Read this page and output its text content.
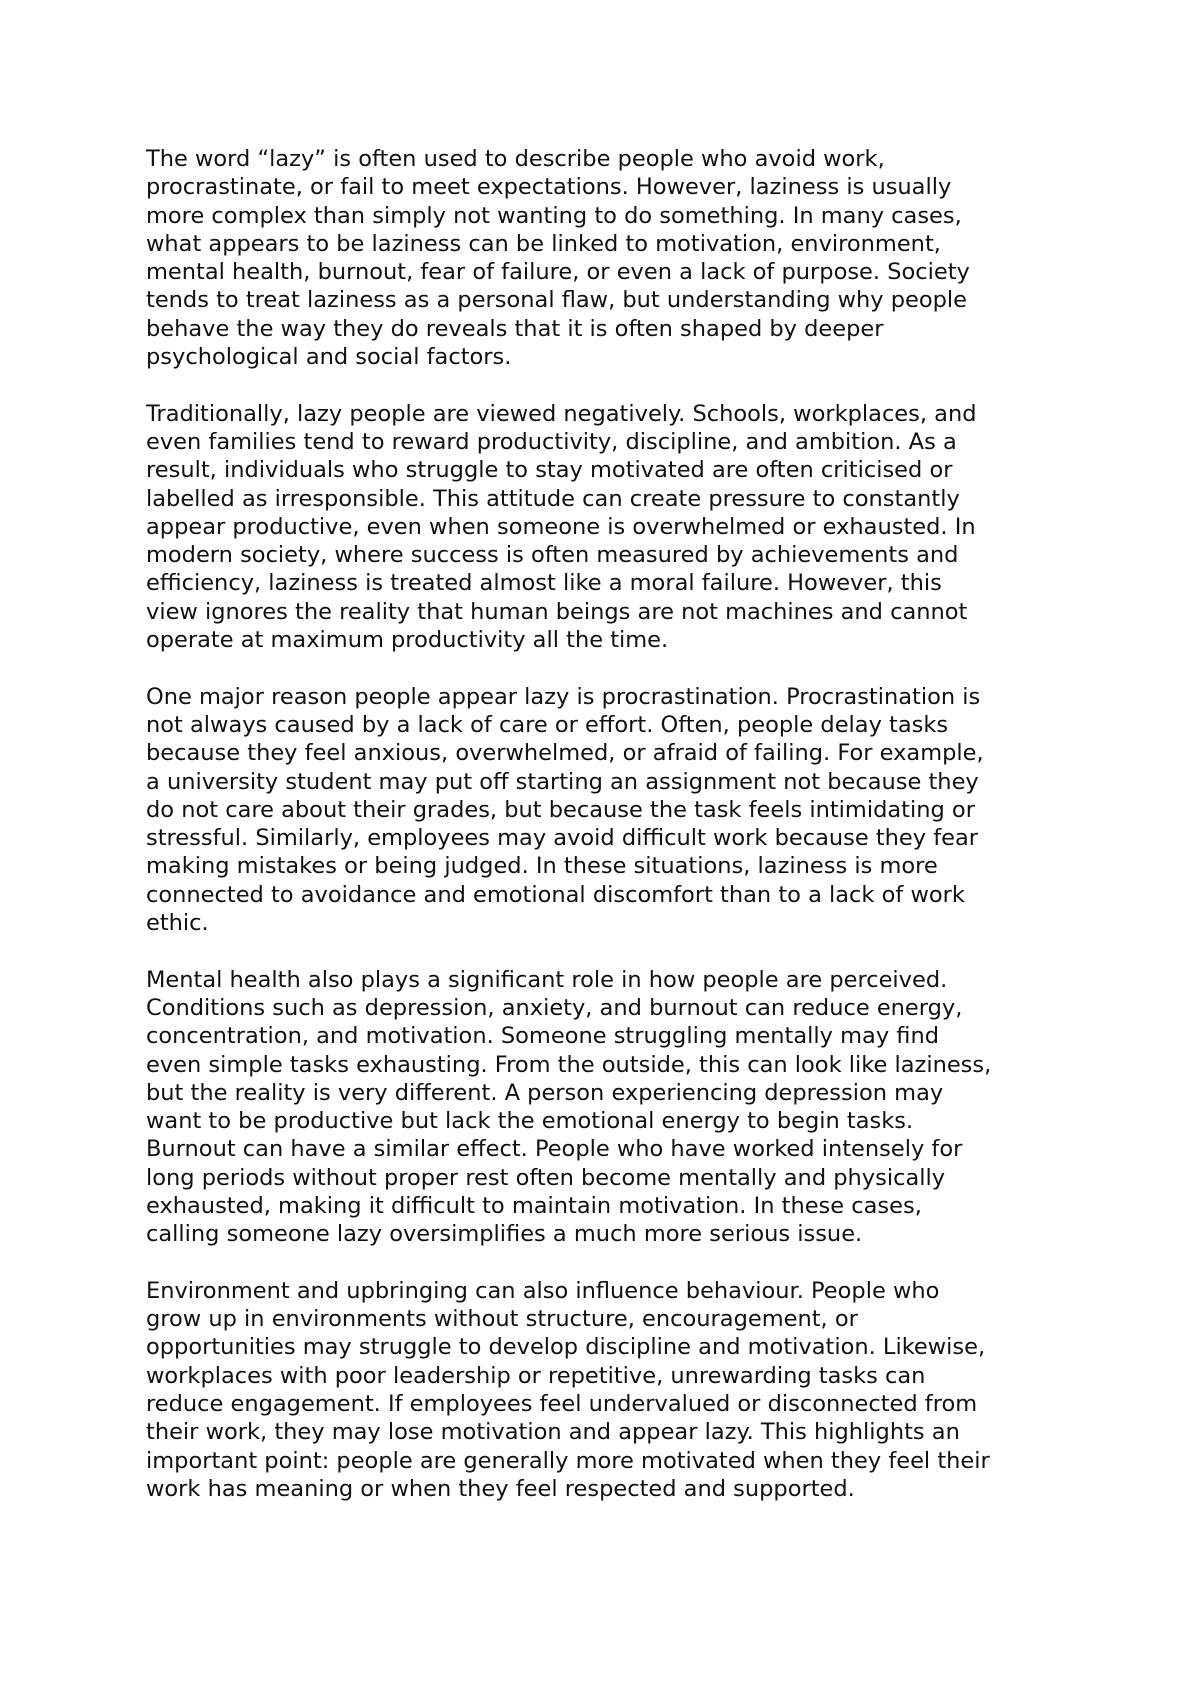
The word “lazy” is often used to describe people who avoid work,
procrastinate, or fail to meet expectations. However, laziness is usually
more complex than simply not wanting to do something. In many cases,
what appears to be laziness can be linked to motivation, environment,
mental health, burnout, fear of failure, or even a lack of purpose. Society
tends to treat laziness as a personal flaw, but understanding why people
behave the way they do reveals that it is often shaped by deeper
psychological and social factors.

Traditionally, lazy people are viewed negatively. Schools, workplaces, and
even families tend to reward productivity, discipline, and ambition. As a
result, individuals who struggle to stay motivated are often criticised or
labelled as irresponsible. This attitude can create pressure to constantly
appear productive, even when someone is overwhelmed or exhausted. In
modern society, where success is often measured by achievements and
efficiency, laziness is treated almost like a moral failure. However, this
view ignores the reality that human beings are not machines and cannot
operate at maximum productivity all the time.

One major reason people appear lazy is procrastination. Procrastination is
not always caused by a lack of care or effort. Often, people delay tasks
because they feel anxious, overwhelmed, or afraid of failing. For example,
a university student may put off starting an assignment not because they
do not care about their grades, but because the task feels intimidating or
stressful. Similarly, employees may avoid difficult work because they fear
making mistakes or being judged. In these situations, laziness is more
connected to avoidance and emotional discomfort than to a lack of work
ethic.

Mental health also plays a significant role in how people are perceived.
Conditions such as depression, anxiety, and burnout can reduce energy,
concentration, and motivation. Someone struggling mentally may find
even simple tasks exhausting. From the outside, this can look like laziness,
but the reality is very different. A person experiencing depression may
want to be productive but lack the emotional energy to begin tasks.
Burnout can have a similar effect. People who have worked intensely for
long periods without proper rest often become mentally and physically
exhausted, making it difficult to maintain motivation. In these cases,
calling someone lazy oversimplifies a much more serious issue.

Environment and upbringing can also influence behaviour. People who
grow up in environments without structure, encouragement, or
opportunities may struggle to develop discipline and motivation. Likewise,
workplaces with poor leadership or repetitive, unrewarding tasks can
reduce engagement. If employees feel undervalued or disconnected from
their work, they may lose motivation and appear lazy. This highlights an
important point: people are generally more motivated when they feel their
work has meaning or when they feel respected and supported.
